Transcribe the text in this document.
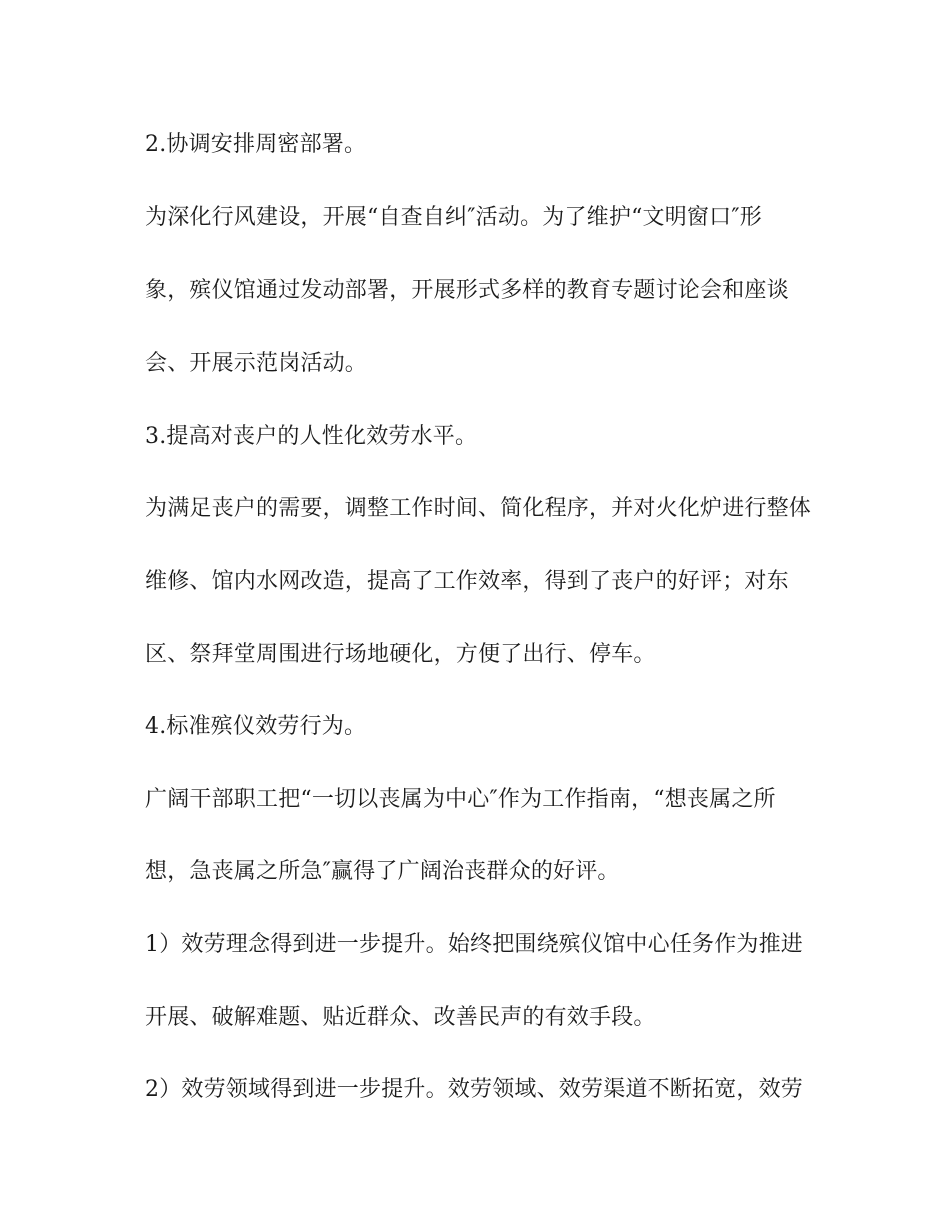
2.协调安排周密部署。

为深化行风建设，开展“自查自纠″活动。为了维护“文明窗口″形

象，殡仪馆通过发动部署，开展形式多样的教育专题讨论会和座谈

会、开展示范岗活动。

3.提高对丧户的人性化效劳水平。

为满足丧户的需要，调整工作时间、简化程序，并对火化炉进行整体

维修、馆内水网改造，提高了工作效率，得到了丧户的好评；对东

区、祭拜堂周围进行场地硬化，方便了出行、停车。

4.标准殡仪效劳行为。

广阔干部职工把“一切以丧属为中心″作为工作指南，“想丧属之所

想，急丧属之所急″赢得了广阔治丧群众的好评。

1）效劳理念得到进一步提升。始终把围绕殡仪馆中心任务作为推进

开展、破解难题、贴近群众、改善民声的有效手段。

2）效劳领域得到进一步提升。效劳领域、效劳渠道不断拓宽，效劳
